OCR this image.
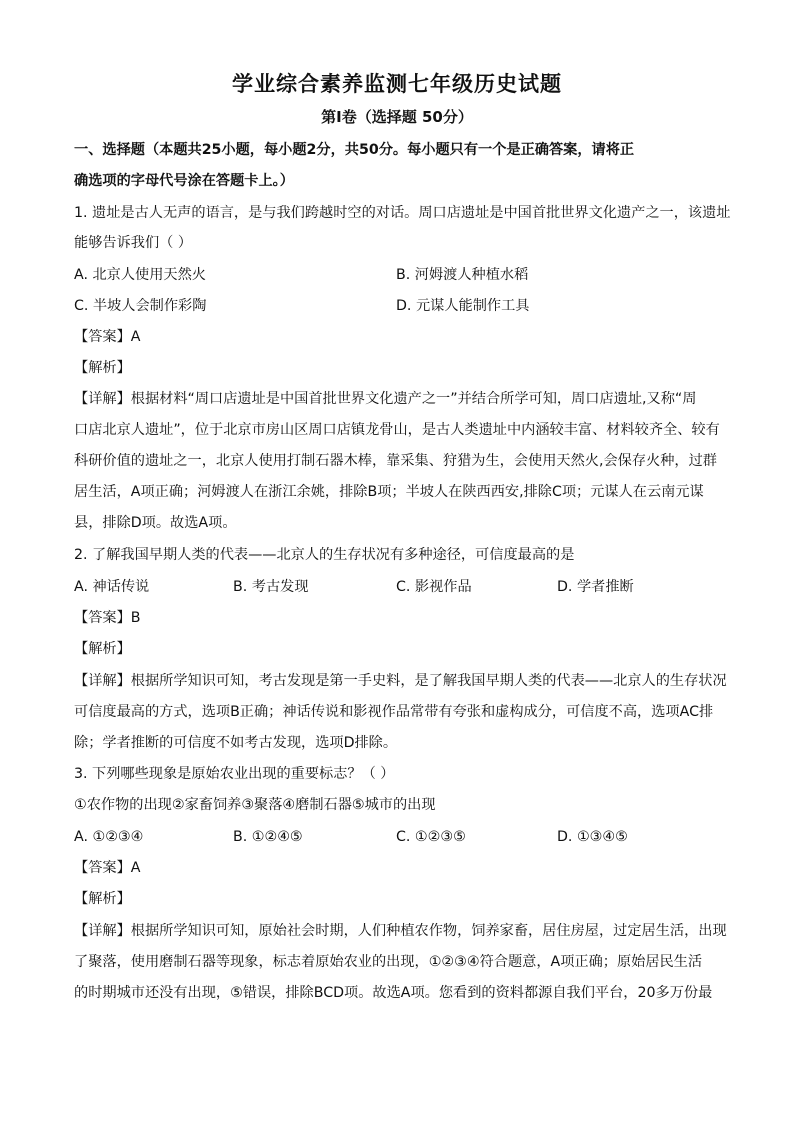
学业综合素养监测七年级历史试题
第Ⅰ卷（选择题 50分）
一、选择题（本题共25小题，每小题2分，共50分。每小题只有一个是正确答案，请将正
确选项的字母代号涂在答题卡上。）
1. 遗址是古人无声的语言，是与我们跨越时空的对话。周口店遗址是中国首批世界文化遗产之一，该遗址
能够告诉我们（ ）
A. 北京人使用天然火	B. 河姆渡人种植水稻
C. 半坡人会制作彩陶	D. 元谋人能制作工具
【答案】A
【解析】
【详解】根据材料“周口店遗址是中国首批世界文化遗产之一”并结合所学可知，周口店遗址,又称“周
口店北京人遗址”，位于北京市房山区周口店镇龙骨山，是古人类遗址中内涵较丰富、材料较齐全、较有
科研价值的遗址之一，北京人使用打制石器木棒，靠采集、狩猎为生，会使用天然火,会保存火种，过群
居生活，A项正确；河姆渡人在浙江余姚，排除B项；半坡人在陕西西安,排除C项；元谋人在云南元谋
县，排除D项。故选A项。
2. 了解我国早期人类的代表——北京人的生存状况有多种途径，可信度最高的是
A. 神话传说	B. 考古发现	C. 影视作品	D. 学者推断
【答案】B
【解析】
【详解】根据所学知识可知，考古发现是第一手史料，是了解我国早期人类的代表——北京人的生存状况
可信度最高的方式，选项B正确；神话传说和影视作品常带有夸张和虚构成分，可信度不高，选项AC排
除；学者推断的可信度不如考古发现，选项D排除。
3. 下列哪些现象是原始农业出现的重要标志？（ ）
①农作物的出现②家畜饲养③聚落④磨制石器⑤城市的出现
A. ①②③④	B. ①②④⑤	C. ①②③⑤	D. ①③④⑤
【答案】A
【解析】
【详解】根据所学知识可知，原始社会时期，人们种植农作物，饲养家畜，居住房屋，过定居生活，出现
了聚落，使用磨制石器等现象，标志着原始农业的出现，①②③④符合题意，A项正确；原始居民生活
的时期城市还没有出现，⑤错误，排除BCD项。故选A项。您看到的资料都源自我们平台，20多万份最
